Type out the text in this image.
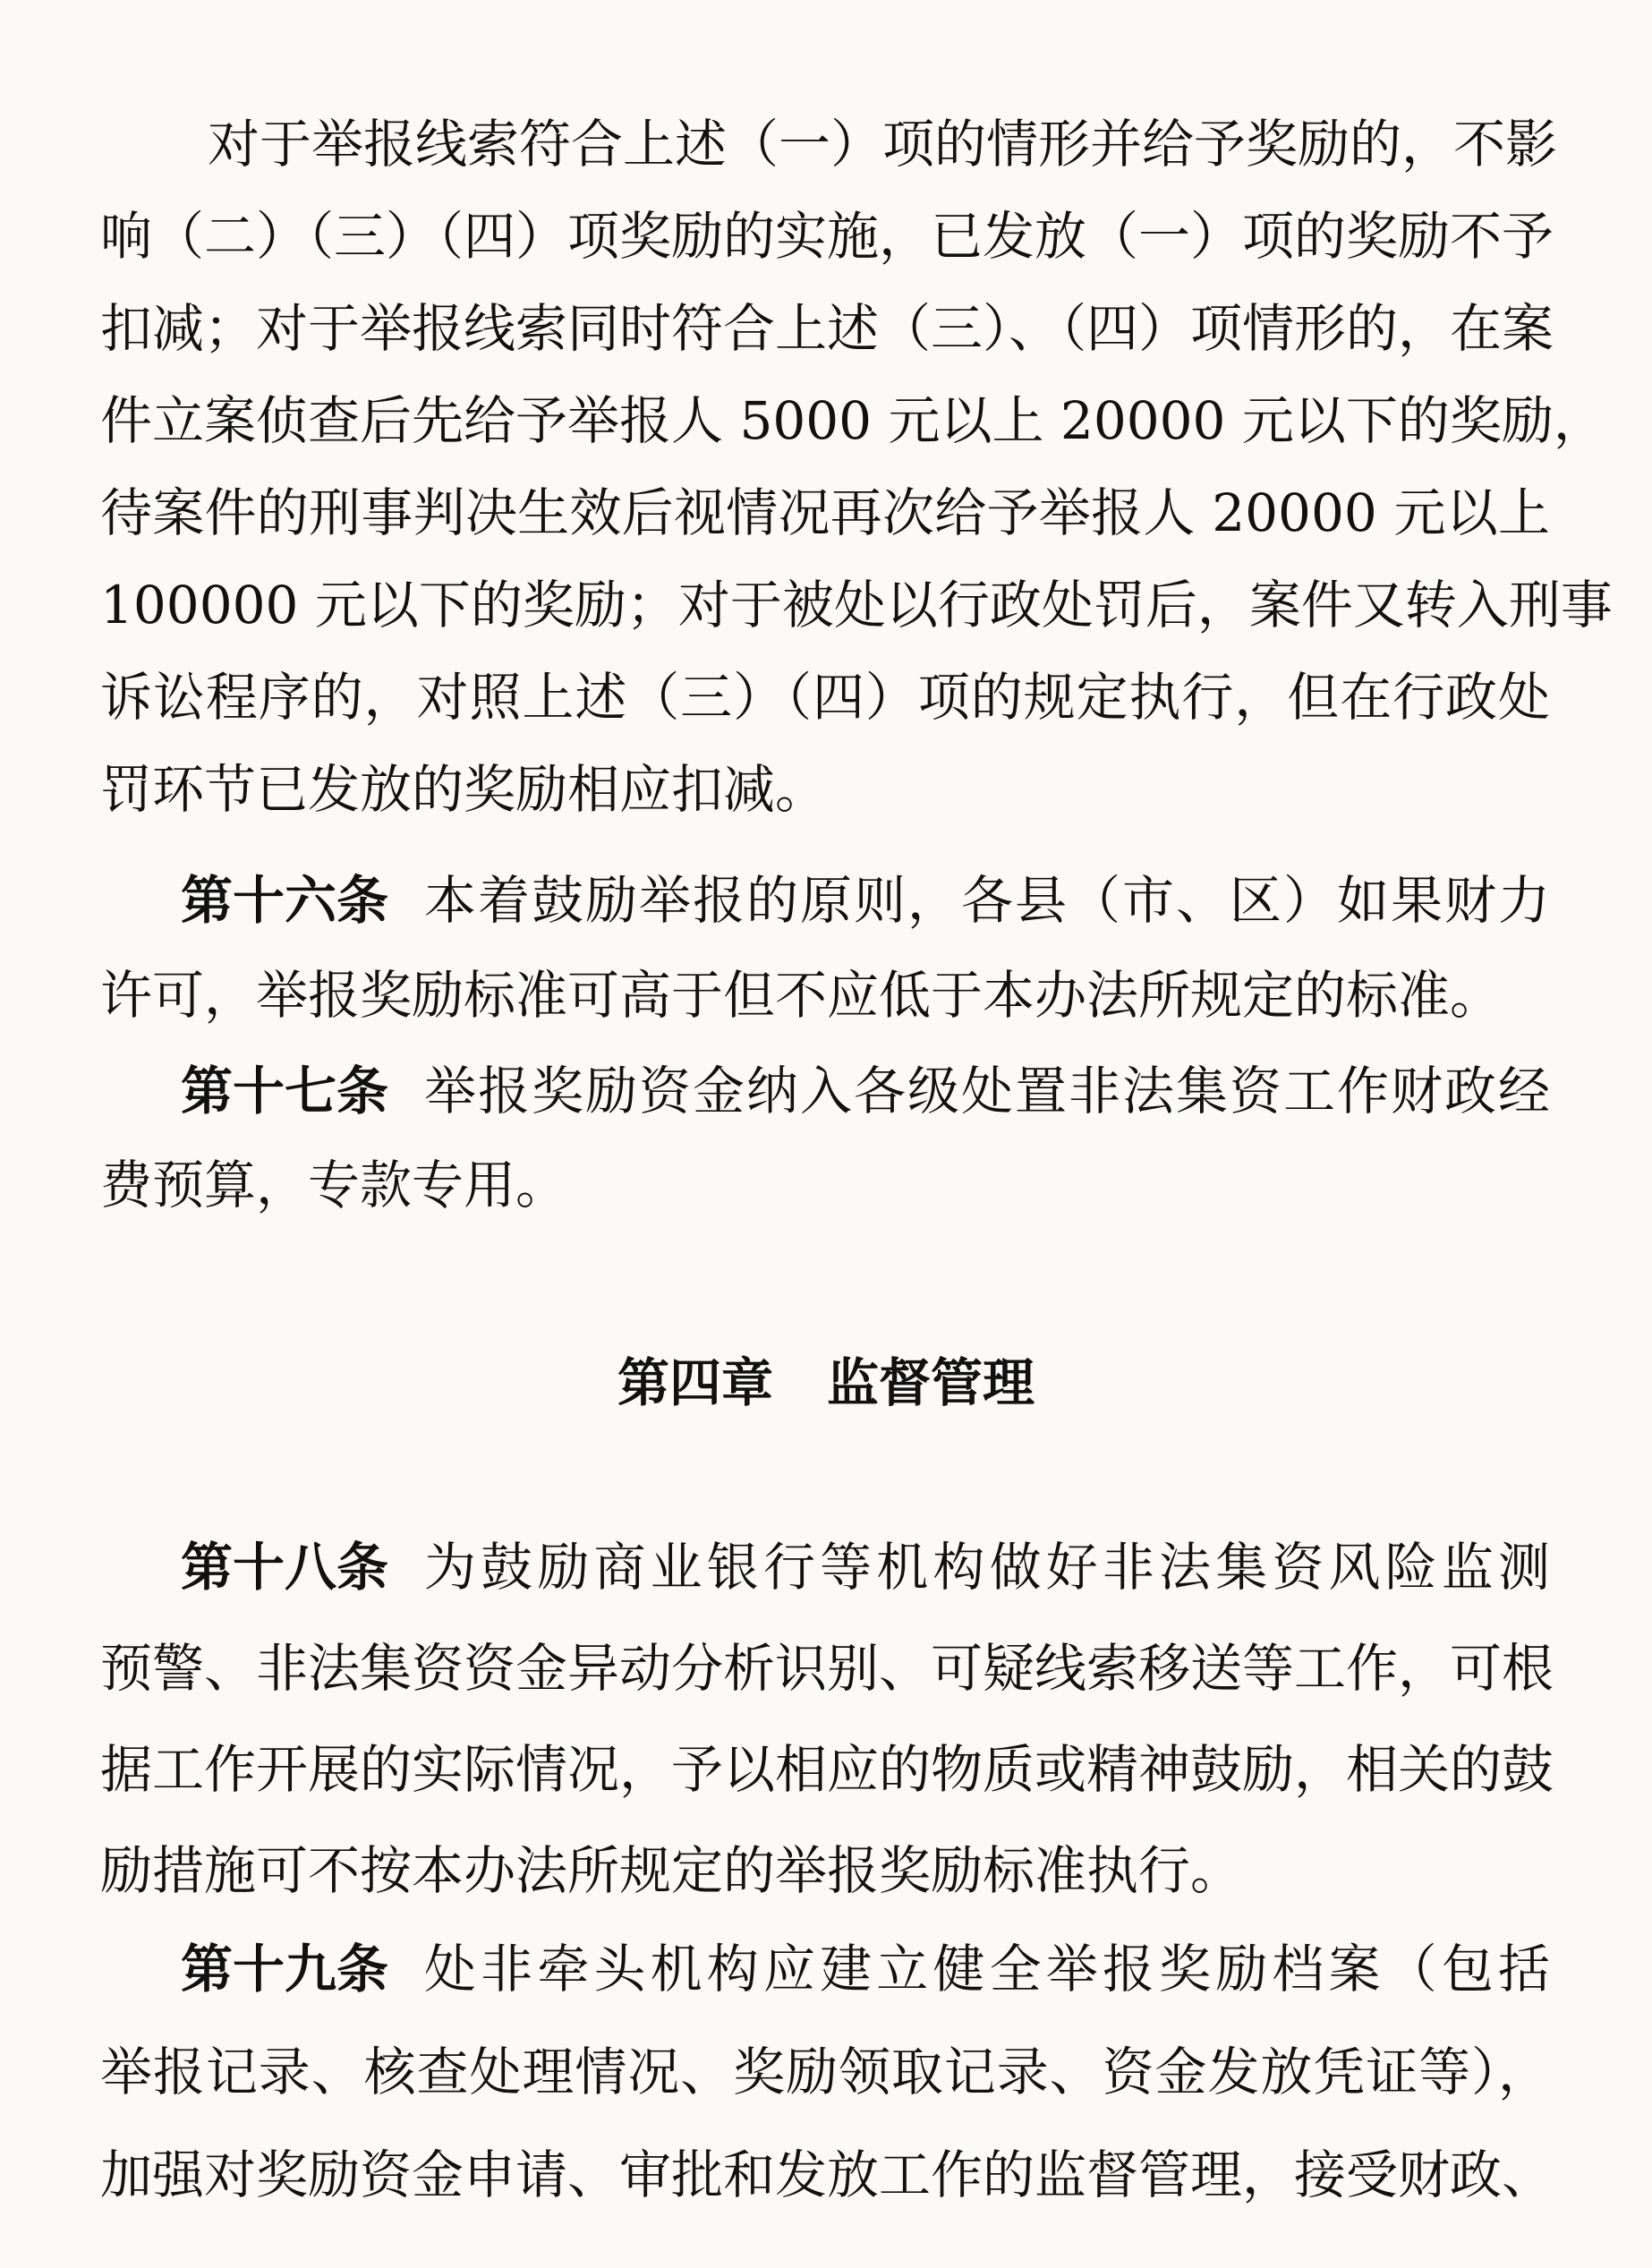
对于举报线索符合上述（一）项的情形并给予奖励的，不影
响（二）（三）（四）项奖励的实施，已发放（一）项的奖励不予
扣减；对于举报线索同时符合上述（三）、（四）项情形的，在案
件立案侦查后先给予举报人 5000 元以上 20000 元以下的奖励，
待案件的刑事判决生效后视情况再次给予举报人 20000 元以上
100000 元以下的奖励；对于被处以行政处罚后，案件又转入刑事
诉讼程序的，对照上述（三）（四）项的规定执行，但在行政处
罚环节已发放的奖励相应扣减。
第十六条 本着鼓励举报的原则，各县（市、区）如果财力
许可，举报奖励标准可高于但不应低于本办法所规定的标准。
第十七条 举报奖励资金纳入各级处置非法集资工作财政经
费预算，专款专用。
第四章 监督管理
第十八条 为鼓励商业银行等机构做好非法集资风险监测
预警、非法集资资金异动分析识别、可疑线索移送等工作，可根
据工作开展的实际情况，予以相应的物质或精神鼓励，相关的鼓
励措施可不按本办法所规定的举报奖励标准执行。
第十九条 处非牵头机构应建立健全举报奖励档案（包括
举报记录、核查处理情况、奖励领取记录、资金发放凭证等），
加强对奖励资金申请、审批和发放工作的监督管理，接受财政、
